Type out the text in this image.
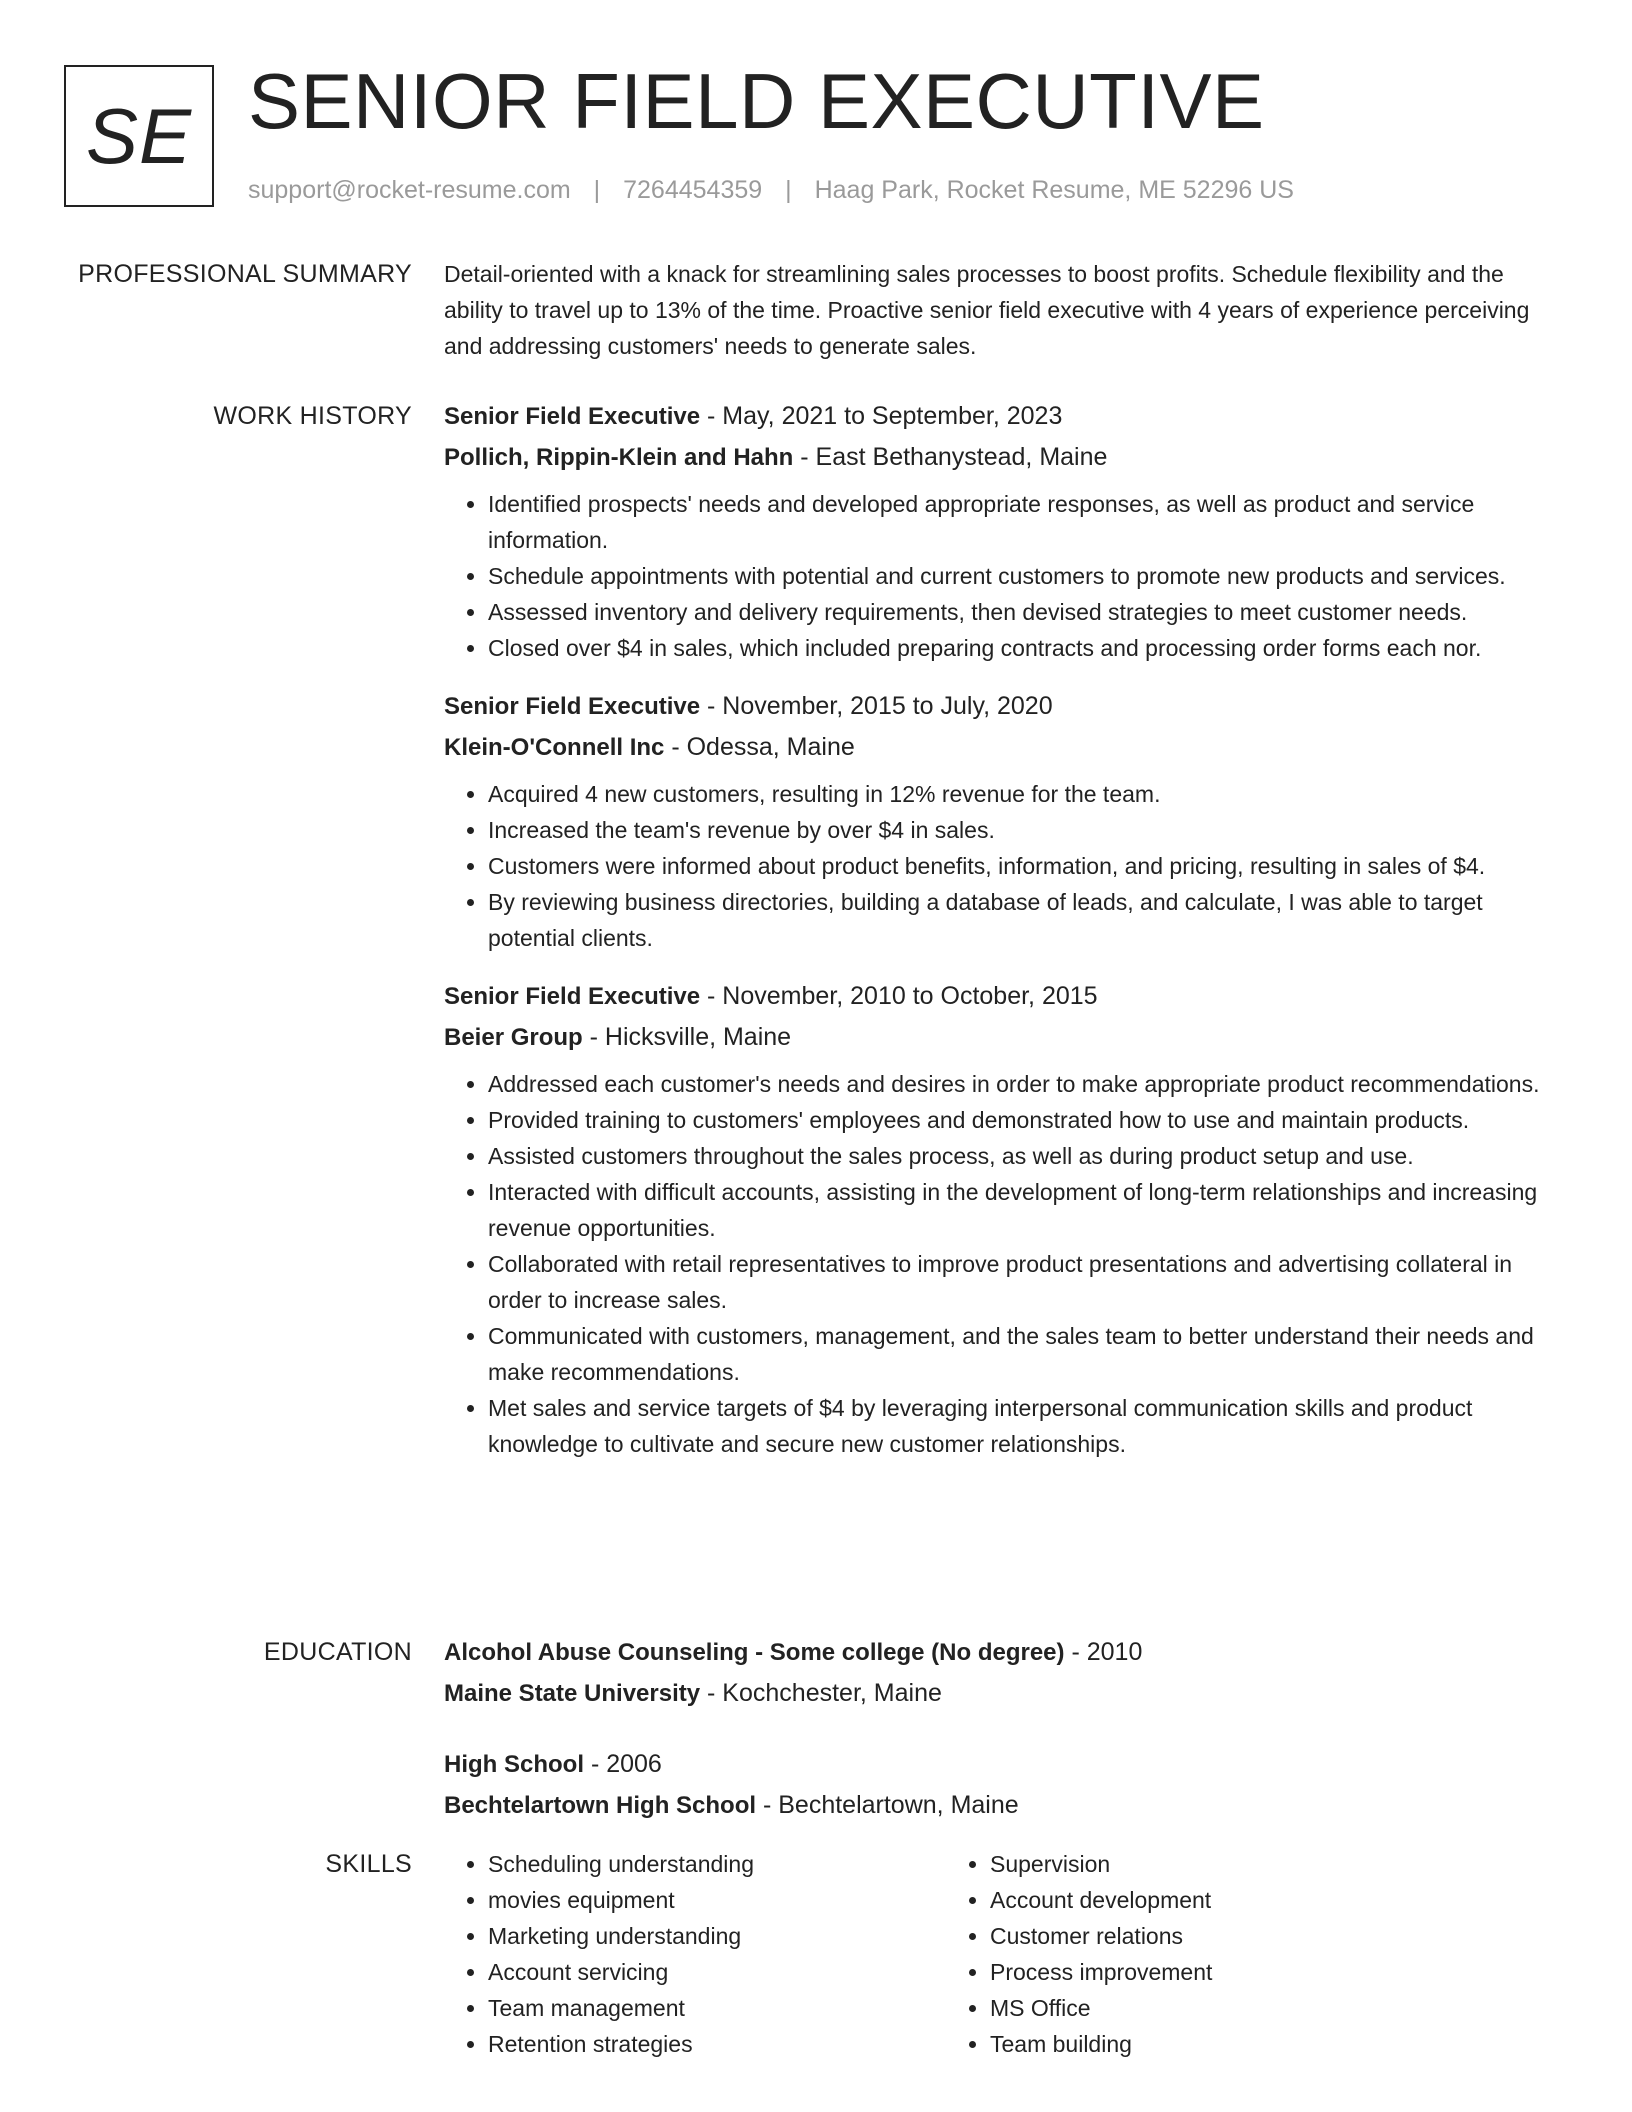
SE SENIOR FIELD EXECUTIVE
support@rocket-resume.com | 7264454359 | Haag Park, Rocket Resume, ME 52296 US
PROFESSIONAL SUMMARY Detail-oriented with a knack for streamlining sales processes to boost profits. Schedule flexibility and the ability to travel up to 13% of the time. Proactive senior field executive with 4 years of experience perceiving and addressing customers' needs to generate sales.
WORK HISTORY Senior Field Executive - May, 2021 to September, 2023
Pollich, Rippin-Klein and Hahn - East Bethanystead, Maine
• Identified prospects' needs and developed appropriate responses, as well as product and service information.
• Schedule appointments with potential and current customers to promote new products and services.
• Assessed inventory and delivery requirements, then devised strategies to meet customer needs.
• Closed over $4 in sales, which included preparing contracts and processing order forms each nor.
Senior Field Executive - November, 2015 to July, 2020
Klein-O'Connell Inc - Odessa, Maine
• Acquired 4 new customers, resulting in 12% revenue for the team.
• Increased the team's revenue by over $4 in sales.
• Customers were informed about product benefits, information, and pricing, resulting in sales of $4.
• By reviewing business directories, building a database of leads, and calculate, I was able to target potential clients.
Senior Field Executive - November, 2010 to October, 2015
Beier Group - Hicksville, Maine
• Addressed each customer's needs and desires in order to make appropriate product recommendations.
• Provided training to customers' employees and demonstrated how to use and maintain products.
• Assisted customers throughout the sales process, as well as during product setup and use.
• Interacted with difficult accounts, assisting in the development of long-term relationships and increasing revenue opportunities.
• Collaborated with retail representatives to improve product presentations and advertising collateral in order to increase sales.
• Communicated with customers, management, and the sales team to better understand their needs and make recommendations.
• Met sales and service targets of $4 by leveraging interpersonal communication skills and product knowledge to cultivate and secure new customer relationships.
EDUCATION Alcohol Abuse Counseling - Some college (No degree) - 2010
Maine State University - Kochchester, Maine
High School - 2006
Bechtelartown High School - Bechtelartown, Maine
SKILLS
•	Scheduling understanding
• movies equipment
• Marketing understanding
• Account servicing
• Team management
• Retention strategies
• Supervision
• Account development
• Customer relations
• Process improvement
• MS Office
• Team building
